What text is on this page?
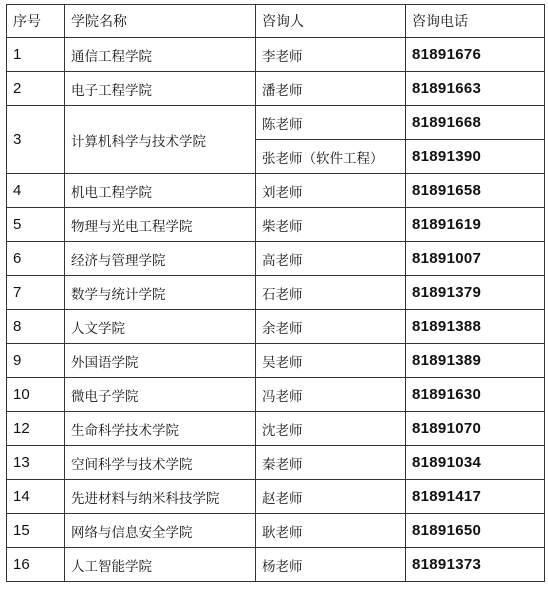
序号	学院名称	咨询人	咨询电话
1	通信工程学院	李老师	81891676
2	电子工程学院	潘老师	81891663
3	计算机科学与技术学院	陈老师	81891668
		张老师（软件工程）	81891390
4	机电工程学院	刘老师	81891658
5	物理与光电工程学院	柴老师	81891619
6	经济与管理学院	高老师	81891007
7	数学与统计学院	石老师	81891379
8	人文学院	余老师	81891388
9	外国语学院	吴老师	81891389
10	微电子学院	冯老师	81891630
12	生命科学技术学院	沈老师	81891070
13	空间科学与技术学院	秦老师	81891034
14	先进材料与纳米科技学院	赵老师	81891417
15	网络与信息安全学院	耿老师	81891650
16	人工智能学院	杨老师	81891373
